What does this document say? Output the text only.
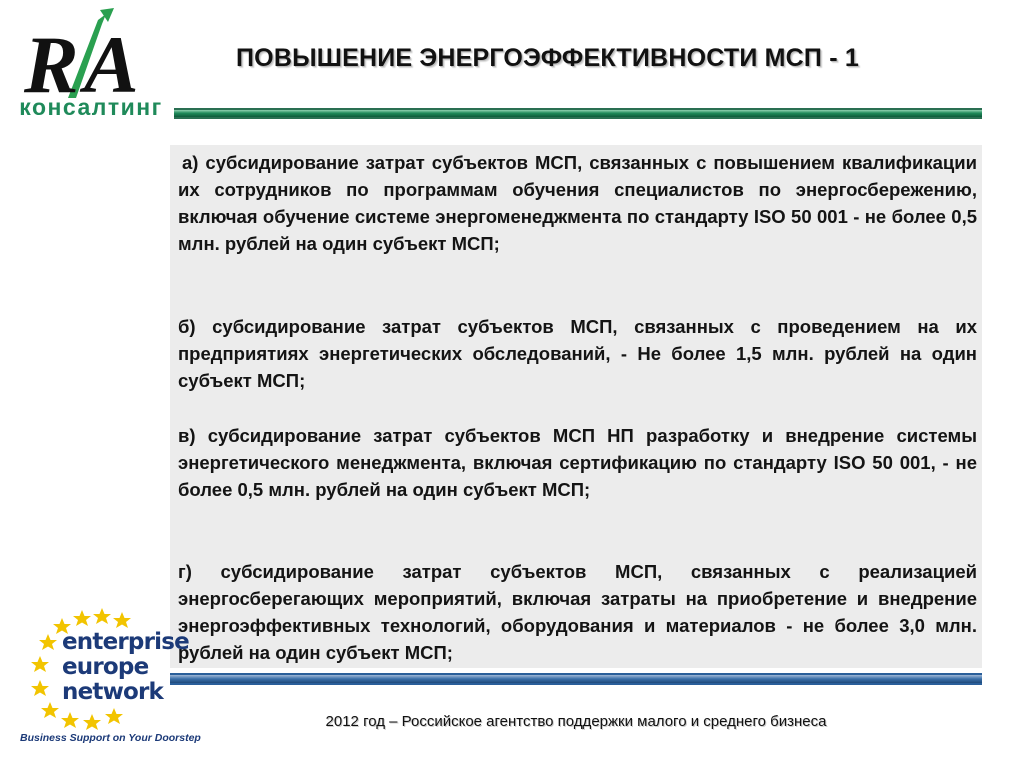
R A
консалтинг
ПОВЫШЕНИЕ ЭНЕРГОЭФФЕКТИВНОСТИ МСП - 1
а) субсидирование затрат субъектов МСП, связанных с повышением квалификации их сотрудников по программам обучения специалистов по энергосбережению, включая обучение системе энергоменеджмента по стандарту ISO 50 001 - не более 0,5 млн. рублей на один субъект МСП;
б) субсидирование затрат субъектов МСП, связанных с проведением на их предприятиях энергетических обследований, - Не более 1,5 млн. рублей на один субъект МСП;
в) субсидирование затрат субъектов МСП НП разработку и внедрение системы энергетического менеджмента, включая сертификацию по стандарту ISO 50 001, - не более 0,5 млн. рублей на один субъект МСП;
г) субсидирование затрат субъектов МСП, связанных с реализацией энергосберегающих мероприятий, включая затраты на приобретение и внедрение энергоэффективных технологий, оборудования и материалов - не более 3,0 млн. рублей на один субъект МСП;
enterprise
europe
network
Business Support on Your Doorstep
2012 год – Российское агентство поддержки малого и среднего бизнеса
